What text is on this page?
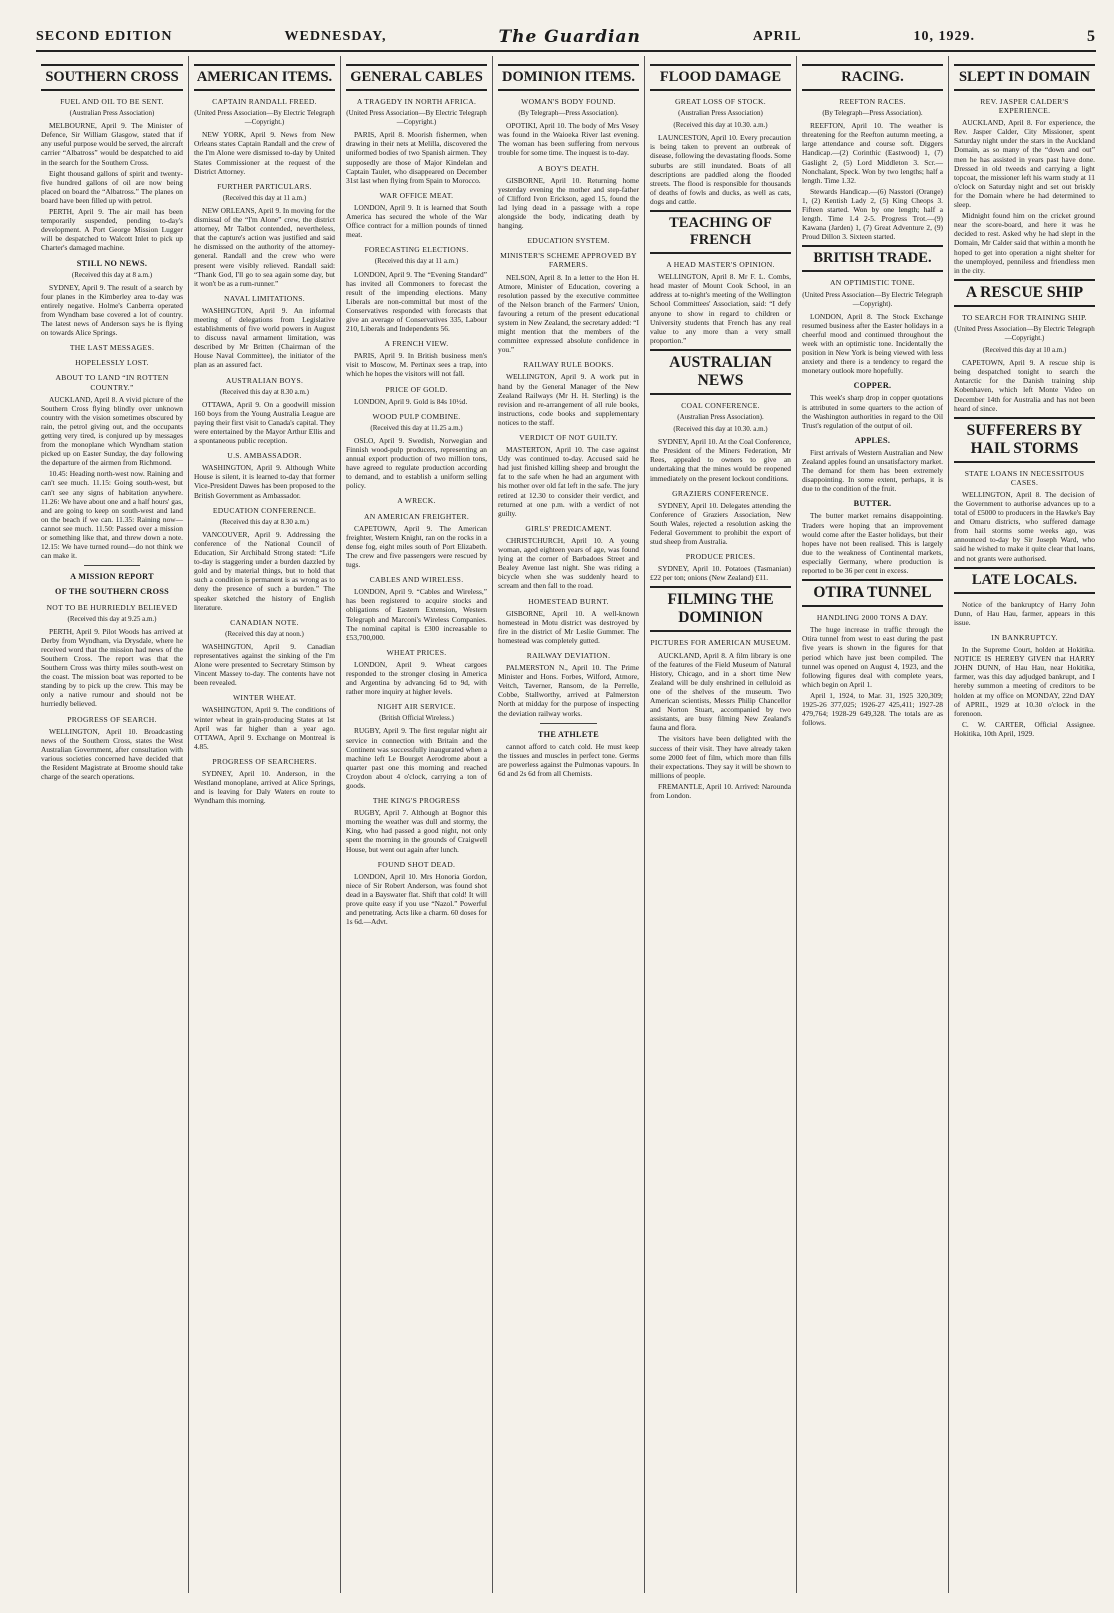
SECOND EDITION	WEDNESDAY,	The Guardian	APRIL	10, 1929.	5
SOUTHERN CROSS
FUEL AND OIL TO BE SENT.
(Australian Press Association)

MELBOURNE, April 9. The Minister of Defence, Sir William Glasgow, stated that if any useful purpose would be served, the aircraft carrier “Albatross” would be despatched to aid in the search for the Southern Cross.

Eight thousand gallons of spirit and twenty-five hundred gallons of oil are now being placed on board the “Albatross.” The planes on board have been filled up with petrol.

PERTH, April 9. The air mail has been temporarily suspended, pending to-day's development. A Port George Mission Lugger will be despatched to Walcott Inlet to pick up Charter's damaged machine.

STILL NO NEWS.
(Received this day at 8 a.m.)

SYDNEY, April 9. The result of a search by four planes in the Kimberley area to-day was entirely negative. Holme's Canberra operated from Wyndham base covered a lot of country. The latest news of Anderson says he is flying on towards Alice Springs.

THE LAST MESSAGES.
HOPELESSLY LOST.
ABOUT TO LAND “IN ROTTEN COUNTRY.”

AUCKLAND, April 8. A vivid picture of the Southern Cross flying blindly over unknown country with the vision sometimes obscured by rain, the petrol giving out, and the occupants getting very tired, is conjured up by messages from the monoplane which Wyndham station picked up on Easter Sunday, the day following the departure of the airmen from Richmond.

10.45: Heading north-west now. Raining and can't see much. 11.15: Going south-west, but can't see any signs of habitation anywhere. 11.26: We have about one and a half hours' gas, and are going to keep on south-west and land on the beach if we can. 11.35: Raining now—cannot see much. 11.50: Passed over a mission or something like that, and threw down a note. 12.15: We have turned round—do not think we can make it.

A MISSION REPORT
OF THE SOUTHERN CROSS
NOT TO BE HURRIEDLY BELIEVED
(Received this day at 9.25 a.m.)

PERTH, April 9. Pilot Woods has arrived at Derby from Wyndham, via Drysdale, where he received word that the mission had news of the Southern Cross. The report was that the Southern Cross was thirty miles south-west on the coast. The mission boat was reported to be standing by to pick up the crew. This may be only a native rumour and should not be hurriedly believed.

PROGRESS OF SEARCH.

WELLINGTON, April 10. Broadcasting news of the Southern Cross, states the West Australian Government, after consultation with various societies concerned have decided that the Resident Magistrate at Broome should take charge of the search operations.

AMERICAN ITEMS.
CAPTAIN RANDALL FREED.
(United Press Association—By Electric Telegraph—Copyright.)

NEW YORK, April 9. News from New Orleans states Captain Randall and the crew of the I'm Alone were dismissed to-day by United States Commissioner at the request of the District Attorney.

FURTHER PARTICULARS.
(Received this day at 11 a.m.)

NEW ORLEANS, April 9. In moving for the dismissal of the “I'm Alone” crew, the district attorney, Mr Talbot contended, nevertheless, that the capture's action was justified and said he dismissed on the authority of the attorney-general. Randall and the crew who were present were visibly relieved. Randall said: “Thank God, I'll go to sea again some day, but it won't be as a rum-runner.”

NAVAL LIMITATIONS.

WASHINGTON, April 9. An informal meeting of delegations from Legislative establishments of five world powers in August to discuss naval armament limitation, was described by Mr Britten (Chairman of the House Naval Committee), the initiator of the plan as an assured fact.

AUSTRALIAN BOYS.
(Received this day at 8.30 a.m.)

OTTAWA, April 9. On a goodwill mission 160 boys from the Young Australia League are paying their first visit to Canada's capital. They were entertained by the Mayor Arthur Ellis and a spontaneous public reception.

U.S. AMBASSADOR.

WASHINGTON, April 9. Although White House is silent, it is learned to-day that former Vice-President Dawes has been proposed to the British Government as Ambassador.

EDUCATION CONFERENCE.
(Received this day at 8.30 a.m.)

VANCOUVER, April 9. Addressing the conference of the National Council of Education, Sir Archibald Strong stated: “Life to-day is staggering under a burden dazzled by gold and by material things, but to hold that such a condition is permanent is as wrong as to deny the presence of such a burden.” The speaker sketched the history of English literature.

CANADIAN NOTE.
(Received this day at noon.)

WASHINGTON, April 9. Canadian representatives against the sinking of the I'm Alone were presented to Secretary Stimson by Vincent Massey to-day. The contents have not been revealed.

WINTER WHEAT.

WASHINGTON, April 9. The conditions of winter wheat in grain-producing States at 1st April was far higher than a year ago. OTTAWA, April 9. Exchange on Montreal is 4.85.

PROGRESS OF SEARCHERS.

SYDNEY, April 10. Anderson, in the Westland monoplane, arrived at Alice Springs, and is leaving for Daly Waters en route to Wyndham this morning.

GENERAL CABLES
A TRAGEDY IN NORTH AFRICA.
(United Press Association—By Electric Telegraph—Copyright.)

PARIS, April 8. Moorish fishermen, when drawing in their nets at Melilla, discovered the uniformed bodies of two Spanish airmen. They supposedly are those of Major Kindelan and Captain Taulet, who disappeared on December 31st last when flying from Spain to Morocco.

WAR OFFICE MEAT.

LONDON, April 9. It is learned that South America has secured the whole of the War Office contract for a million pounds of tinned meat.

FORECASTING ELECTIONS.
(Received this day at 11 a.m.)

LONDON, April 9. The “Evening Standard” has invited all Commoners to forecast the result of the impending elections. Many Liberals are non-committal but most of the Conservatives responded with forecasts that give an average of Conservatives 335, Labour 210, Liberals and Independents 56.

A FRENCH VIEW.

PARIS, April 9. In British business men's visit to Moscow, M. Pertinax sees a trap, into which he hopes the visitors will not fall.

PRICE OF GOLD.

LONDON, April 9. Gold is 84s 10½d.

WOOD PULP COMBINE.
(Received this day at 11.25 a.m.)

OSLO, April 9. Swedish, Norwegian and Finnish wood-pulp producers, representing an annual export production of two million tons, have agreed to regulate production according to demand, and to establish a uniform selling policy.

A WRECK.
AN AMERICAN FREIGHTER.

CAPETOWN, April 9. The American freighter, Western Knight, ran on the rocks in a dense fog, eight miles south of Port Elizabeth. The crew and five passengers were rescued by tugs.

CABLES AND WIRELESS.

LONDON, April 9. “Cables and Wireless,” has been registered to acquire stocks and obligations of Eastern Extension, Western Telegraph and Marconi's Wireless Companies. The nominal capital is £300 increasable to £53,700,000.

WHEAT PRICES.

LONDON, April 9. Wheat cargoes responded to the stronger closing in America and Argentina by advancing 6d to 9d, with rather more inquiry at higher levels.

NIGHT AIR SERVICE.
(British Official Wireless.)

RUGBY, April 9. The first regular night air service in connection with Britain and the Continent was successfully inaugurated when a machine left Le Bourget Aerodrome about a quarter past one this morning and reached Croydon about 4 o'clock, carrying a ton of goods.

THE KING'S PROGRESS

RUGBY, April 7. Although at Bognor this morning the weather was dull and stormy, the King, who had passed a good night, not only spent the morning in the grounds of Craigwell House, but went out again after lunch.

FOUND SHOT DEAD.

LONDON, April 10. Mrs Honoria Gordon, niece of Sir Robert Anderson, was found shot dead in a Bayswater flat. Shift that cold! It will prove quite easy if you use “Nazol.” Powerful and penetrating. Acts like a charm. 60 doses for 1s 6d.—Advt.

DOMINION ITEMS.
WOMAN'S BODY FOUND.
(By Telegraph—Press Association).

OPOTIKI, April 10. The body of Mrs Vesey was found in the Waioeka River last evening. The woman has been suffering from nervous trouble for some time. The inquest is to-day.

A BOY'S DEATH.

GISBORNE, April 10. Returning home yesterday evening the mother and step-father of Clifford Ivon Erickson, aged 15, found the lad lying dead in a passage with a rope alongside the body, indicating death by hanging.

EDUCATION SYSTEM.
MINISTER'S SCHEME APPROVED BY FARMERS.

NELSON, April 8. In a letter to the Hon H. Atmore, Minister of Education, covering a resolution passed by the executive committee of the Nelson branch of the Farmers' Union, favouring a return of the present educational system in New Zealand, the secretary added: “I might mention that the members of the committee expressed absolute confidence in you.”

RAILWAY RULE BOOKS.

WELLINGTON, April 9. A work put in hand by the General Manager of the New Zealand Railways (Mr H. H. Sterling) is the revision and re-arrangement of all rule books, instructions, code books and supplementary notices to the staff.

VERDICT OF NOT GUILTY.

MASTERTON, April 10. The case against Udy was continued to-day. Accused said he had just finished killing sheep and brought the fat to the safe when he had an argument with his mother over old fat left in the safe. The jury retired at 12.30 to consider their verdict, and returned at one p.m. with a verdict of not guilty.

GIRLS' PREDICAMENT.

CHRISTCHURCH, April 10. A young woman, aged eighteen years of age, was found lying at the corner of Barbadoes Street and Bealey Avenue last night. She was riding a bicycle when she was suddenly heard to scream and then fall to the road.

HOMESTEAD BURNT.

GISBORNE, April 10. A well-known homestead in Motu district was destroyed by fire in the district of Mr Leslie Gummer. The homestead was completely gutted.

RAILWAY DEVIATION.

PALMERSTON N., April 10. The Prime Minister and Hons. Forbes, Wilford, Atmore, Veitch, Taverner, Ransom, de la Perrelle, Cobbe, Stallworthy, arrived at Palmerston North at midday for the purpose of inspecting the deviation railway works.

THE ATHLETE

cannot afford to catch cold. He must keep the tissues and muscles in perfect tone. Germs are powerless against the Pulmonas vapours. In 6d and 2s 6d from all Chemists.

FLOOD DAMAGE
GREAT LOSS OF STOCK.
(Australian Press Association)
(Received this day at 10.30. a.m.)

LAUNCESTON, April 10. Every precaution is being taken to prevent an outbreak of disease, following the devastating floods. Some suburbs are still inundated. Boats of all descriptions are paddled along the flooded streets. The flood is responsible for thousands of deaths of fowls and ducks, as well as cats, dogs and cattle.

TEACHING OF FRENCH
A HEAD MASTER'S OPINION.

WELLINGTON, April 8. Mr F. L. Combs, head master of Mount Cook School, in an address at to-night's meeting of the Wellington School Committees' Association, said: “I defy anyone to show in regard to children or University students that French has any real value to any more than a very small proportion.”

AUSTRALIAN NEWS
COAL CONFERENCE.
(Australian Press Association).
(Received this day at 10.30. a.m.)

SYDNEY, April 10. At the Coal Conference, the President of the Miners Federation, Mr Rees, appealed to owners to give an undertaking that the mines would be reopened immediately on the present lockout conditions.

GRAZIERS CONFERENCE.

SYDNEY, April 10. Delegates attending the Conference of Graziers Association, New South Wales, rejected a resolution asking the Federal Government to prohibit the export of stud sheep from Australia.

PRODUCE PRICES.

SYDNEY, April 10. Potatoes (Tasmanian) £22 per ton; onions (New Zealand) £11.

FILMING THE DOMINION
PICTURES FOR AMERICAN MUSEUM.

AUCKLAND, April 8. A film library is one of the features of the Field Museum of Natural History, Chicago, and in a short time New Zealand will be duly enshrined in celluloid as one of the shelves of the museum. Two American scientists, Messrs Philip Chancellor and Norton Stuart, accompanied by two assistants, are busy filming New Zealand's fauna and flora.

The visitors have been delighted with the success of their visit. They have already taken some 2000 feet of film, which more than fills their expectations. They say it will be shown to millions of people.

FREMANTLE, April 10. Arrived: Narounda from London.

RACING.
REEFTON RACES.
(By Telegraph—Press Association).

REEFTON, April 10. The weather is threatening for the Reefton autumn meeting, a large attendance and course soft. Diggers Handicap.—(2) Corinthic (Eastwood) 1, (7) Gaslight 2, (5) Lord Middleton 3. Scr.—Nonchalant, Speck. Won by two lengths; half a length. Time 1.32.

Stewards Handicap.—(6) Nasstori (Orange) 1, (2) Kentish Lady 2, (5) King Cheops 3. Fifteen started. Won by one length; half a length. Time 1.4 2-5. Progress Trot.—(9) Kawana (Jarden) 1, (7) Great Adventure 2, (9) Proud Dillon 3. Sixteen started.

BRITISH TRADE.
AN OPTIMISTIC TONE.
(United Press Association—By Electric Telegraph—Copyright).

LONDON, April 8. The Stock Exchange resumed business after the Easter holidays in a cheerful mood and continued throughout the week with an optimistic tone. Incidentally the position in New York is being viewed with less anxiety and there is a tendency to regard the monetary outlook more hopefully.

COPPER.

This week's sharp drop in copper quotations is attributed in some quarters to the action of the Washington authorities in regard to the Oil Trust's regulation of the output of oil.

APPLES.

First arrivals of Western Australian and New Zealand apples found an unsatisfactory market. The demand for them has been extremely disappointing. In some extent, perhaps, it is due to the condition of the fruit.

BUTTER.

The butter market remains disappointing. Traders were hoping that an improvement would come after the Easter holidays, but their hopes have not been realised. This is largely due to the weakness of Continental markets, especially Germany, where production is reported to be 36 per cent in excess.

OTIRA TUNNEL
HANDLING 2000 TONS A DAY.

The huge increase in traffic through the Otira tunnel from west to east during the past five years is shown in the figures for that period which have just been compiled. The tunnel was opened on August 4, 1923, and the following figures deal with complete years, which begin on April 1.

April 1, 1924, to Mar. 31, 1925 320,309; 1925-26 377,025; 1926-27 425,411; 1927-28 479,764; 1928-29 649,328. The totals are as follows.

SLEPT IN DOMAIN
REV. JASPER CALDER'S EXPERIENCE.

AUCKLAND, April 8. For experience, the Rev. Jasper Calder, City Missioner, spent Saturday night under the stars in the Auckland Domain, as so many of the “down and out” men he has assisted in years past have done. Dressed in old tweeds and carrying a light topcoat, the missioner left his warm study at 11 o'clock on Saturday night and set out briskly for the Domain where he had determined to sleep.

Midnight found him on the cricket ground near the score-board, and here it was he decided to rest. Asked why he had slept in the Domain, Mr Calder said that within a month he hoped to get into operation a night shelter for the unemployed, penniless and friendless men in the city.

A RESCUE SHIP
TO SEARCH FOR TRAINING SHIP.
(United Press Association—By Electric Telegraph—Copyright.)
(Received this day at 10 a.m.)

CAPETOWN, April 9. A rescue ship is being despatched tonight to search the Antarctic for the Danish training ship Kobenhaven, which left Monte Video on December 14th for Australia and has not been heard of since.

SUFFERERS BY HAIL STORMS
STATE LOANS IN NECESSITOUS CASES.

WELLINGTON, April 8. The decision of the Government to authorise advances up to a total of £5000 to producers in the Hawke's Bay and Omaru districts, who suffered damage from hail storms some weeks ago, was announced to-day by Sir Joseph Ward, who said he wished to make it quite clear that loans, and not grants were authorised.

LATE LOCALS.

Notice of the bankruptcy of Harry John Dunn, of Hau Hau, farmer, appears in this issue.

IN BANKRUPTCY.

In the Supreme Court, holden at Hokitika. NOTICE IS HEREBY GIVEN that HARRY JOHN DUNN, of Hau Hau, near Hokitika, farmer, was this day adjudged bankrupt, and I hereby summon a meeting of creditors to be holden at my office on MONDAY, 22nd DAY of APRIL, 1929 at 10.30 o'clock in the forenoon.

C. W. CARTER, Official Assignee. Hokitika, 10th April, 1929.
